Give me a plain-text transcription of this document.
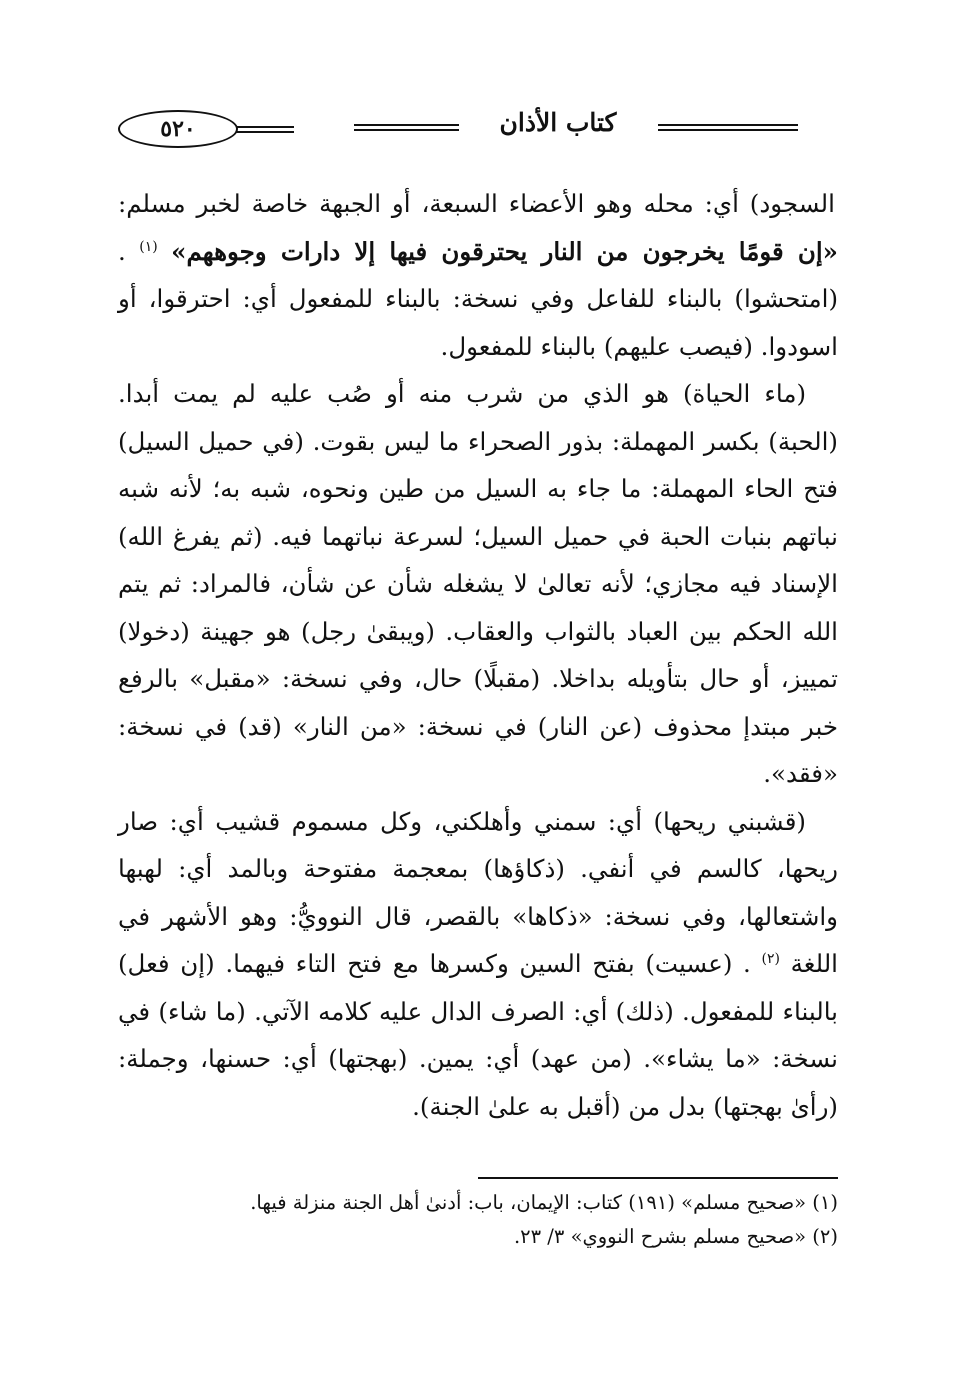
٥٢٠	كتاب الأذان

السجود) أي: محله وهو الأعضاء السبعة، أو الجبهة خاصة لخبر مسلم: «إن قومًا يخرجون من النار يحترقون فيها إلا دارات وجوههم» $^{(١)}$ . (امتحشوا) بالبناء للفاعل وفي نسخة: بالبناء للمفعول أي: احترقوا، أو اسودوا. (فيصب عليهم) بالبناء للمفعول.

(ماء الحياة) هو الذي من شرب منه أو صُب عليه لم يمت أبدا. (الحبة) بكسر المهملة: بذور الصحراء ما ليس بقوت. (في حميل السيل) فتح الحاء المهملة: ما جاء به السيل من طين ونحوه، شبه به؛ لأنه شبه نباتهم بنبات الحبة في حميل السيل؛ لسرعة نباتهما فيه. (ثم يفرغ الله) الإسناد فيه مجازي؛ لأنه تعالىٰ لا يشغله شأن عن شأن، فالمراد: ثم يتم الله الحكم بين العباد بالثواب والعقاب. (ويبقىٰ رجل) هو جهينة (دخولا) تمييز، أو حال بتأويله بداخلا. (مقبلًا) حال، وفي نسخة: «مقبل» بالرفع خبر مبتدإ محذوف (عن النار) في نسخة: «من النار» (قد) في نسخة: «فقد».

(قشبني ريحها) أي: سمني وأهلكني، وكل مسموم قشيب أي: صار ريحها، كالسم في أنفي. (ذكاؤها) بمعجمة مفتوحة وبالمد أي: لهبها واشتعالها، وفي نسخة: «ذكاها» بالقصر، قال النوويُّ: وهو الأشهر في اللغة $^{(٢)}$ . (عسيت) بفتح السين وكسرها مع فتح التاء فيهما. (إن فعل) بالبناء للمفعول. (ذلك) أي: الصرف الدال عليه كلامه الآتي. (ما شاء) في نسخة: «ما يشاء». (من عهد) أي: يمين. (بهجتها) أي: حسنها، وجملة: (رأىٰ بهجتها) بدل من (أقبل به علىٰ الجنة).

(١) «صحيح مسلم» (١٩١) كتاب: الإيمان، باب: أدنىٰ أهل الجنة منزلة فيها.

(٢) «صحيح مسلم بشرح النووي» ٣/ ٢٣.
